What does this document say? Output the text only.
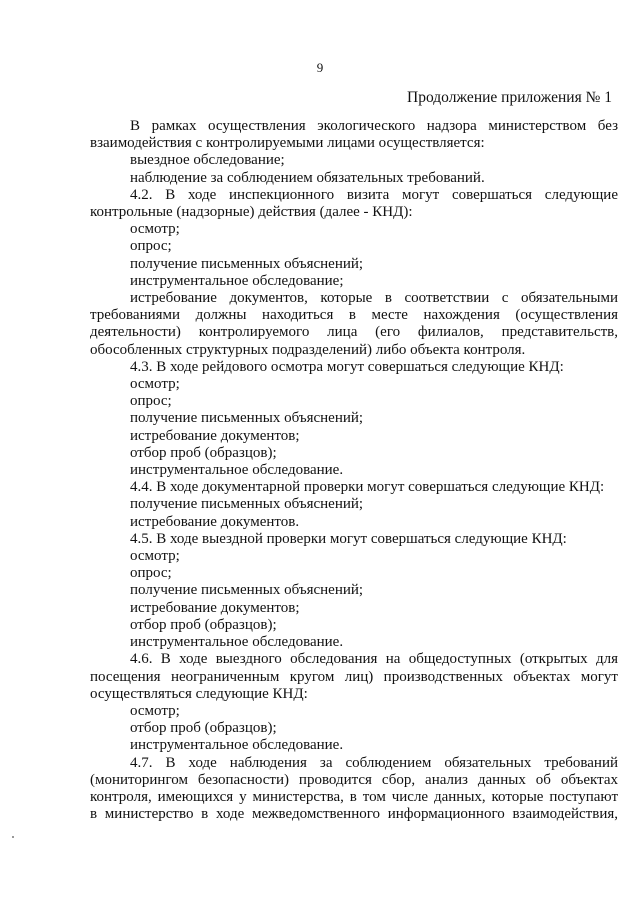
9
Продолжение приложения № 1
В рамках осуществления экологического надзора министерством без
взаимодействия с контролируемыми лицами осуществляется:
выездное обследование;
наблюдение за соблюдением обязательных требований.
4.2. В ходе инспекционного визита могут совершаться следующие
контрольные (надзорные) действия (далее - КНД):
осмотр;
опрос;
получение письменных объяснений;
инструментальное обследование;
истребование документов, которые в соответствии с обязательными
требованиями должны находиться в месте нахождения (осуществления
деятельности) контролируемого лица (его филиалов, представительств,
обособленных структурных подразделений) либо объекта контроля.
4.3. В ходе рейдового осмотра могут совершаться следующие КНД:
осмотр;
опрос;
получение письменных объяснений;
истребование документов;
отбор проб (образцов);
инструментальное обследование.
4.4. В ходе документарной проверки могут совершаться следующие КНД:
получение письменных объяснений;
истребование документов.
4.5. В ходе выездной проверки могут совершаться следующие КНД:
осмотр;
опрос;
получение письменных объяснений;
истребование документов;
отбор проб (образцов);
инструментальное обследование.
4.6. В ходе выездного обследования на общедоступных (открытых для
посещения неограниченным кругом лиц) производственных объектах могут
осуществляться следующие КНД:
осмотр;
отбор проб (образцов);
инструментальное обследование.
4.7. В ходе наблюдения за соблюдением обязательных требований
(мониторингом безопасности) проводится сбор, анализ данных об объектах
контроля, имеющихся у министерства, в том числе данных, которые поступают
в министерство в ходе межведомственного информационного взаимодействия,
